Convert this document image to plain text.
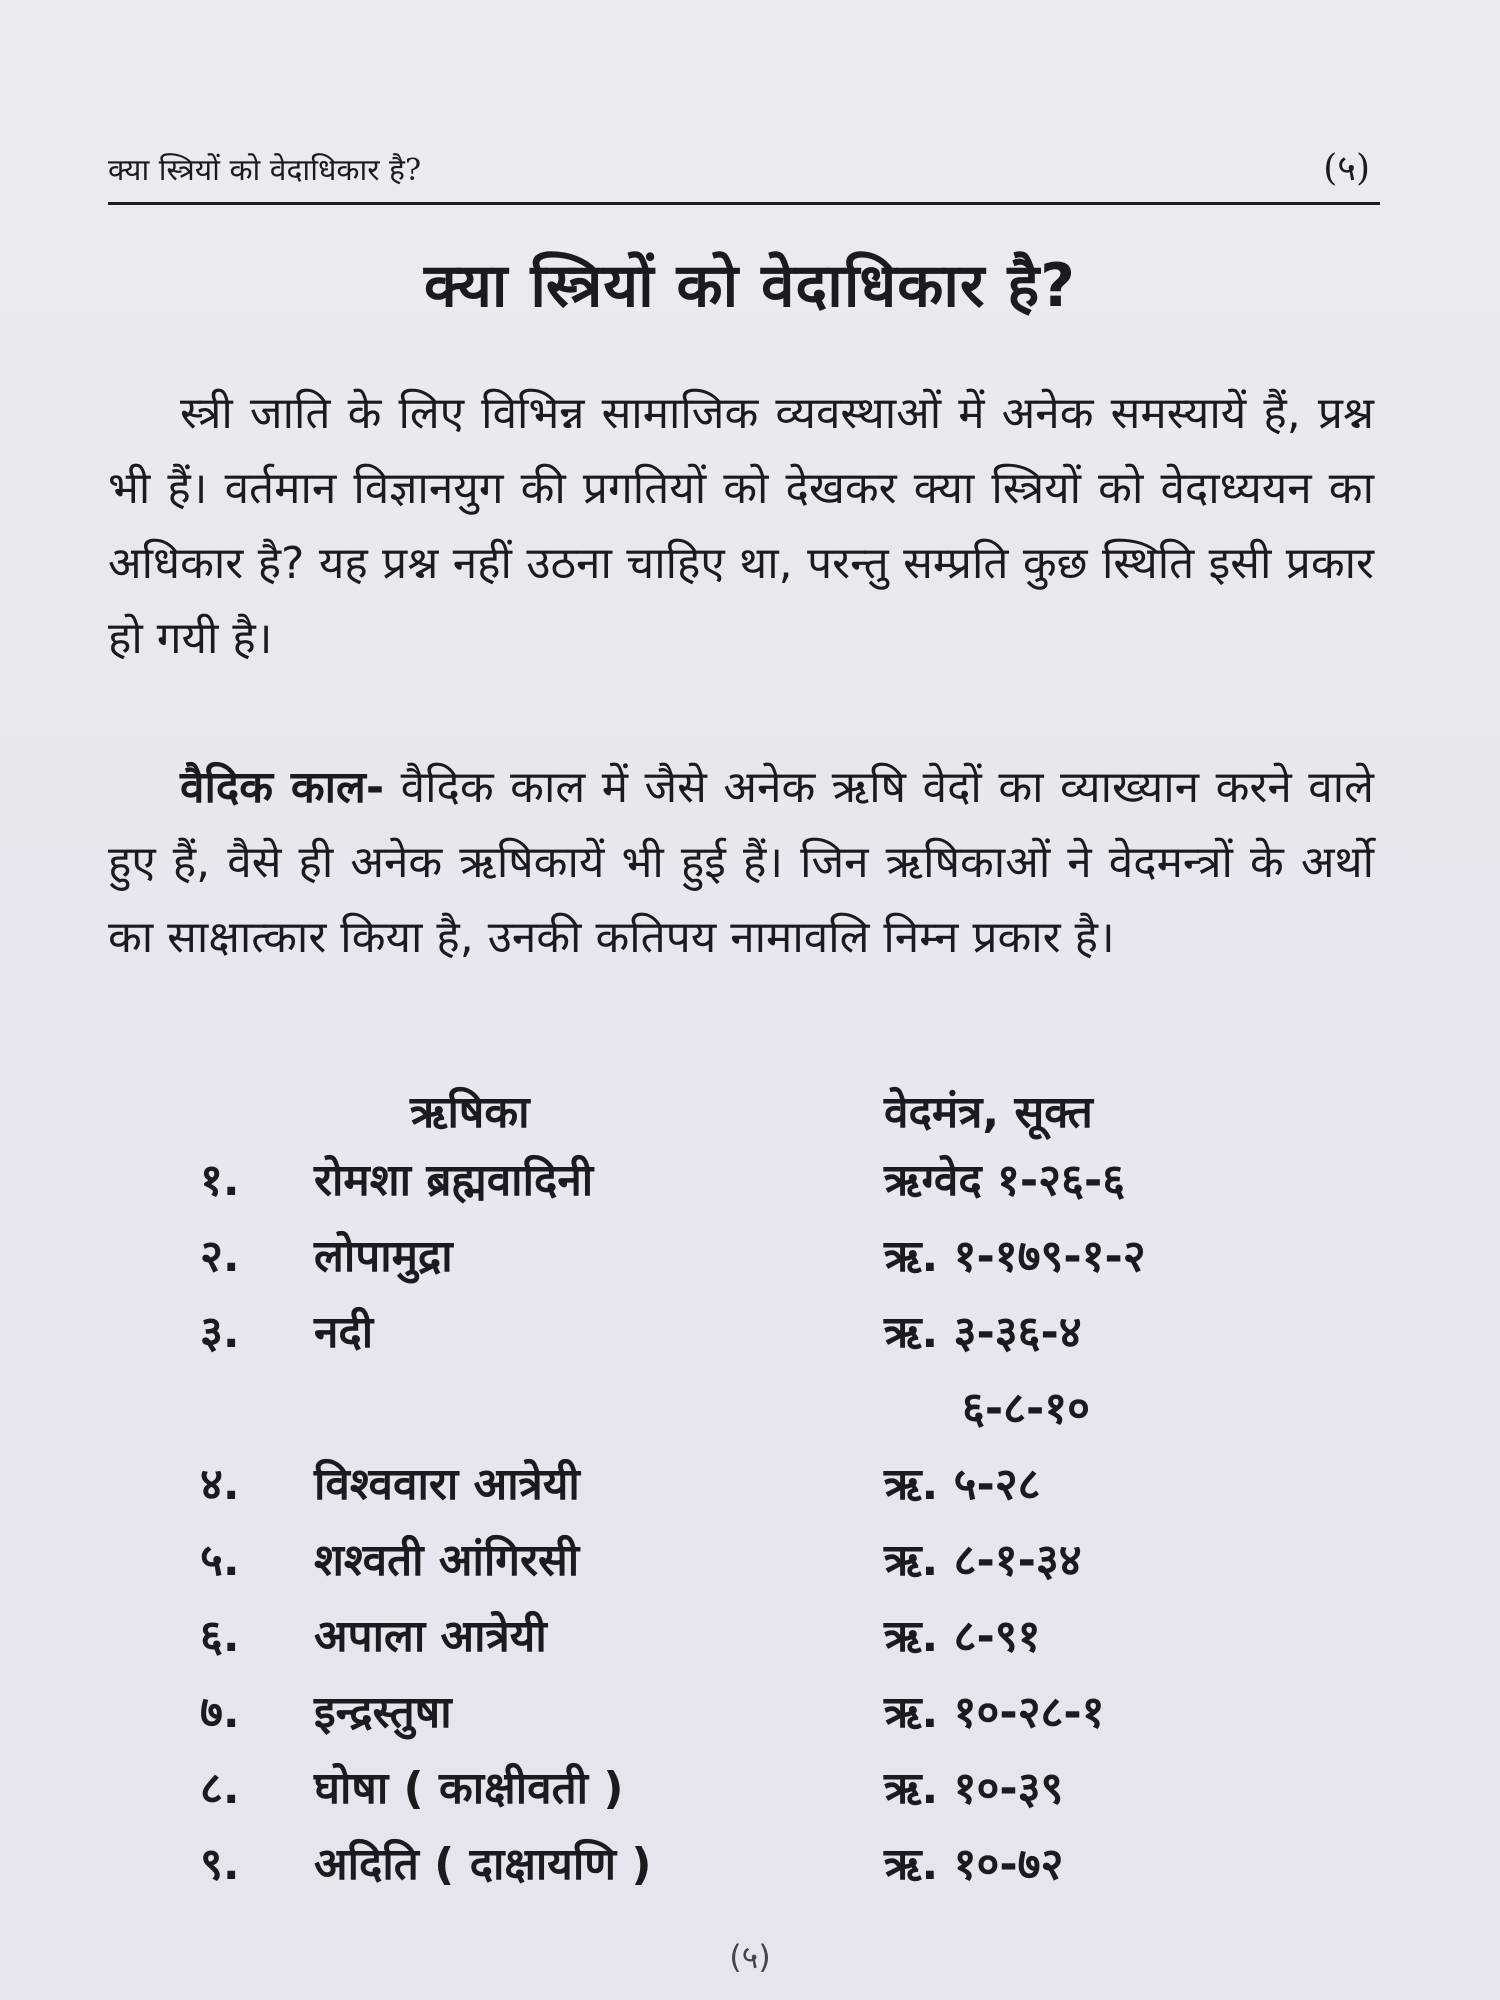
क्या स्त्रियों को वेदाधिकार है?	(५)
क्या स्त्रियों को वेदाधिकार है?

स्त्री जाति के लिए विभिन्न सामाजिक व्यवस्थाओं में अनेक समस्यायें हैं, प्रश्न भी हैं। वर्तमान विज्ञानयुग की प्रगतियों को देखकर क्या स्त्रियों को वेदाध्ययन का अधिकार है? यह प्रश्न नहीं उठना चाहिए था, परन्तु सम्प्रति कुछ स्थिति इसी प्रकार हो गयी है।

वैदिक काल- वैदिक काल में जैसे अनेक ऋषि वेदों का व्याख्यान करने वाले हुए हैं, वैसे ही अनेक ऋषिकायें भी हुई हैं। जिन ऋषिकाओं ने वेदमन्त्रों के अर्थो का साक्षात्कार किया है, उनकी कतिपय नामावलि निम्न प्रकार है।

ऋषिका	वेदमंत्र, सूक्त
१. रोमशा ब्रह्मवादिनी	ऋग्वेद १-२६-६
२. लोपामुद्रा	ऋ. १-१७९-१-२
३. नदी	ऋ. ३-३६-४
६-८-१०
४. विश्ववारा आत्रेयी	ऋ. ५-२८
५. शश्वती आंगिरसी	ऋ. ८-१-३४
६. अपाला आत्रेयी	ऋ. ८-९१
७. इन्द्रस्तुषा	ऋ. १०-२८-१
८. घोषा ( काक्षीवती )	ऋ. १०-३९
९. अदिति ( दाक्षायणि )	ऋ. १०-७२
(५)
